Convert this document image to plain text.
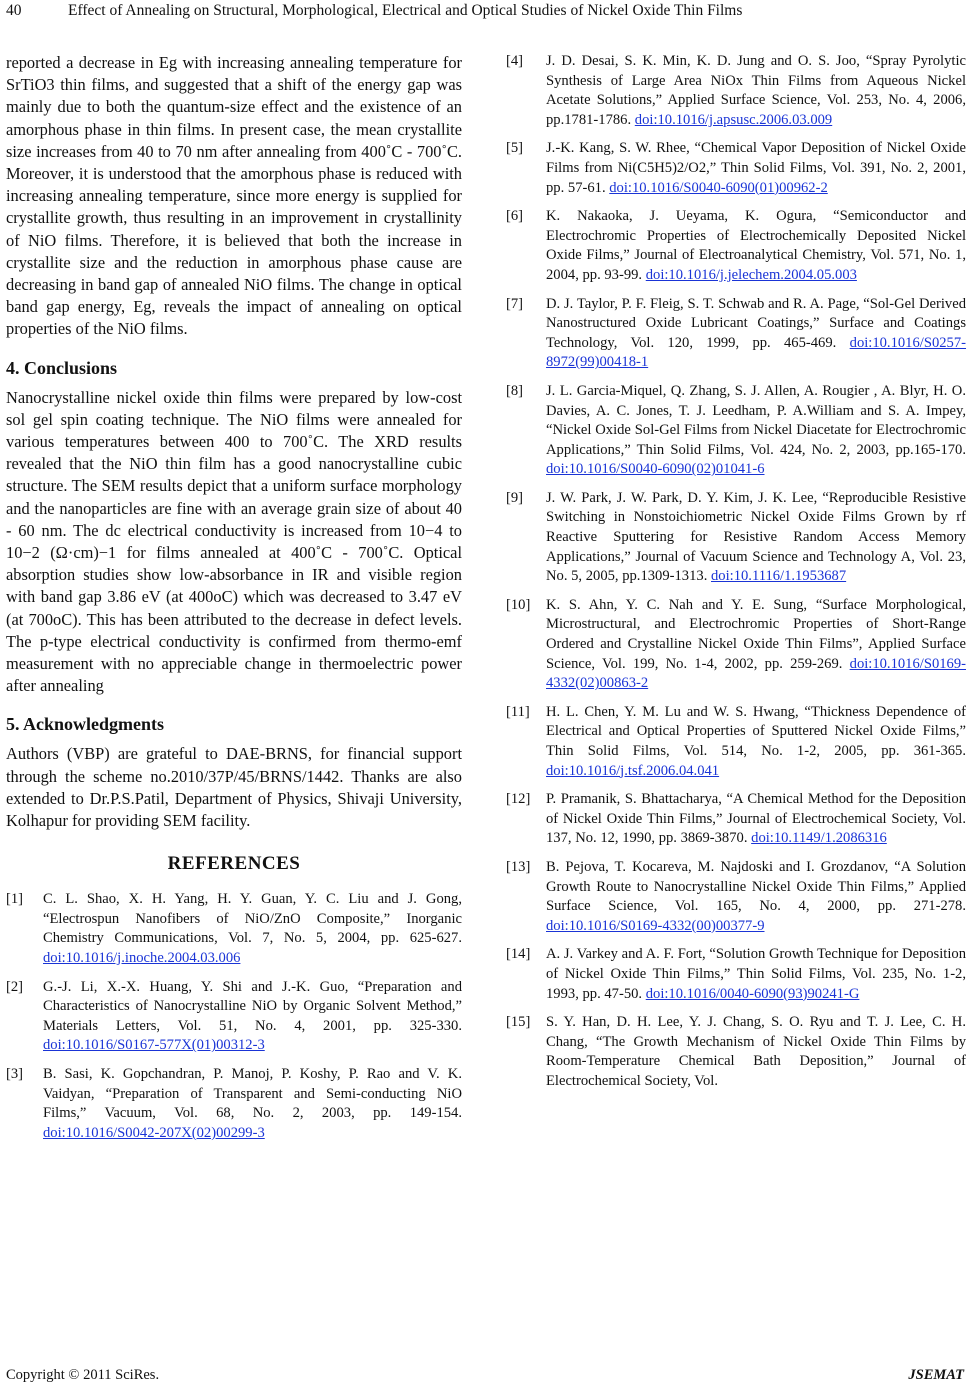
40	Effect of Annealing on Structural, Morphological, Electrical and Optical Studies of Nickel Oxide Thin Films

reported a decrease in Eg with increasing annealing temperature for SrTiO3 thin films, and suggested that a shift of the energy gap was mainly due to both the quantum-size effect and the existence of an amorphous phase in thin films. In present case, the mean crystallite size increases from 40 to 70 nm after annealing from 400˚C - 700˚C. Moreover, it is understood that the amorphous phase is reduced with increasing annealing temperature, since more energy is supplied for crystallite growth, thus resulting in an improvement in crystallinity of NiO films. Therefore, it is believed that both the increase in crystallite size and the reduction in amorphous phase cause are decreasing in band gap of annealed NiO films. The change in optical band gap energy, Eg, reveals the impact of annealing on optical properties of the NiO films.

4. Conclusions

Nanocrystalline nickel oxide thin films were prepared by low-cost sol gel spin coating technique. The NiO films were annealed for various temperatures between 400 to 700˚C. The XRD results revealed that the NiO thin film has a good nanocrystalline cubic structure. The SEM results depict that a uniform surface morphology and the nanoparticles are fine with an average grain size of about 40 - 60 nm. The dc electrical conductivity is increased from 10−4 to 10−2 (Ω·cm)−1 for films annealed at 400˚C - 700˚C. Optical absorption studies show low-absorbance in IR and visible region with band gap 3.86 eV (at 400oC) which was decreased to 3.47 eV (at 700oC). This has been attributed to the decrease in defect levels. The p-type electrical conductivity is confirmed from thermo-emf measurement with no appreciable change in thermoelectric power after annealing

5. Acknowledgments

Authors (VBP) are grateful to DAE-BRNS, for financial support through the scheme no.2010/37P/45/BRNS/1442. Thanks are also extended to Dr.P.S.Patil, Department of Physics, Shivaji University, Kolhapur for providing SEM facility.

REFERENCES
[1] C. L. Shao, X. H. Yang, H. Y. Guan, Y. C. Liu and J. Gong, “Electrospun Nanofibers of NiO/ZnO Composite,” Inorganic Chemistry Communications, Vol. 7, No. 5, 2004, pp. 625-627. doi:10.1016/j.inoche.2004.03.006
[2] G.-J. Li, X.-X. Huang, Y. Shi and J.-K. Guo, “Preparation and Characteristics of Nanocrystalline NiO by Organic Solvent Method,” Materials Letters, Vol. 51, No. 4, 2001, pp. 325-330. doi:10.1016/S0167-577X(01)00312-3
[3] B. Sasi, K. Gopchandran, P. Manoj, P. Koshy, P. Rao and V. K. Vaidyan, “Preparation of Transparent and Semi-conducting NiO Films,” Vacuum, Vol. 68, No. 2, 2003, pp. 149-154. doi:10.1016/S0042-207X(02)00299-3
[4] J. D. Desai, S. K. Min, K. D. Jung and O. S. Joo, “Spray Pyrolytic Synthesis of Large Area NiOx Thin Films from Aqueous Nickel Acetate Solutions,” Applied Surface Science, Vol. 253, No. 4, 2006, pp.1781-1786. doi:10.1016/j.apsusc.2006.03.009
[5] J.-K. Kang, S. W. Rhee, “Chemical Vapor Deposition of Nickel Oxide Films from Ni(C5H5)2/O2,” Thin Solid Films, Vol. 391, No. 2, 2001, pp. 57-61. doi:10.1016/S0040-6090(01)00962-2
[6] K. Nakaoka, J. Ueyama, K. Ogura, “Semiconductor and Electrochromic Properties of Electrochemically Deposited Nickel Oxide Films,” Journal of Electroanalytical Chemistry, Vol. 571, No. 1, 2004, pp. 93-99. doi:10.1016/j.jelechem.2004.05.003
[7] D. J. Taylor, P. F. Fleig, S. T. Schwab and R. A. Page, “Sol-Gel Derived Nanostructured Oxide Lubricant Coatings,” Surface and Coatings Technology, Vol. 120, 1999, pp. 465-469. doi:10.1016/S0257-8972(99)00418-1
[8] J. L. Garcia-Miquel, Q. Zhang, S. J. Allen, A. Rougier , A. Blyr, H. O. Davies, A. C. Jones, T. J. Leedham, P. A.William and S. A. Impey, “Nickel Oxide Sol-Gel Films from Nickel Diacetate for Electrochromic Applications,” Thin Solid Films, Vol. 424, No. 2, 2003, pp.165-170. doi:10.1016/S0040-6090(02)01041-6
[9] J. W. Park, J. W. Park, D. Y. Kim, J. K. Lee, “Reproducible Resistive Switching in Nonstoichiometric Nickel Oxide Films Grown by rf Reactive Sputtering for Resistive Random Access Memory Applications,” Journal of Vacuum Science and Technology A, Vol. 23, No. 5, 2005, pp.1309-1313. doi:10.1116/1.1953687
[10] K. S. Ahn, Y. C. Nah and Y. E. Sung, “Surface Morphological, Microstructural, and Electrochromic Properties of Short-Range Ordered and Crystalline Nickel Oxide Thin Films”, Applied Surface Science, Vol. 199, No. 1-4, 2002, pp. 259-269. doi:10.1016/S0169-4332(02)00863-2
[11] H. L. Chen, Y. M. Lu and W. S. Hwang, “Thickness Dependence of Electrical and Optical Properties of Sputtered Nickel Oxide Films,” Thin Solid Films, Vol. 514, No. 1-2, 2005, pp. 361-365. doi:10.1016/j.tsf.2006.04.041
[12] P. Pramanik, S. Bhattacharya, “A Chemical Method for the Deposition of Nickel Oxide Thin Films,” Journal of Electrochemical Society, Vol. 137, No. 12, 1990, pp. 3869-3870. doi:10.1149/1.2086316
[13] B. Pejova, T. Kocareva, M. Najdoski and I. Grozdanov, “A Solution Growth Route to Nanocrystalline Nickel Oxide Thin Films,” Applied Surface Science, Vol. 165, No. 4, 2000, pp. 271-278. doi:10.1016/S0169-4332(00)00377-9
[14] A. J. Varkey and A. F. Fort, “Solution Growth Technique for Deposition of Nickel Oxide Thin Films,” Thin Solid Films, Vol. 235, No. 1-2, 1993, pp. 47-50. doi:10.1016/0040-6090(93)90241-G
[15] S. Y. Han, D. H. Lee, Y. J. Chang, S. O. Ryu and T. J. Lee, C. H. Chang, “The Growth Mechanism of Nickel Oxide Thin Films by Room-Temperature Chemical Bath Deposition,” Journal of Electrochemical Society, Vol.
Copyright © 2011 SciRes.	JSEMAT
